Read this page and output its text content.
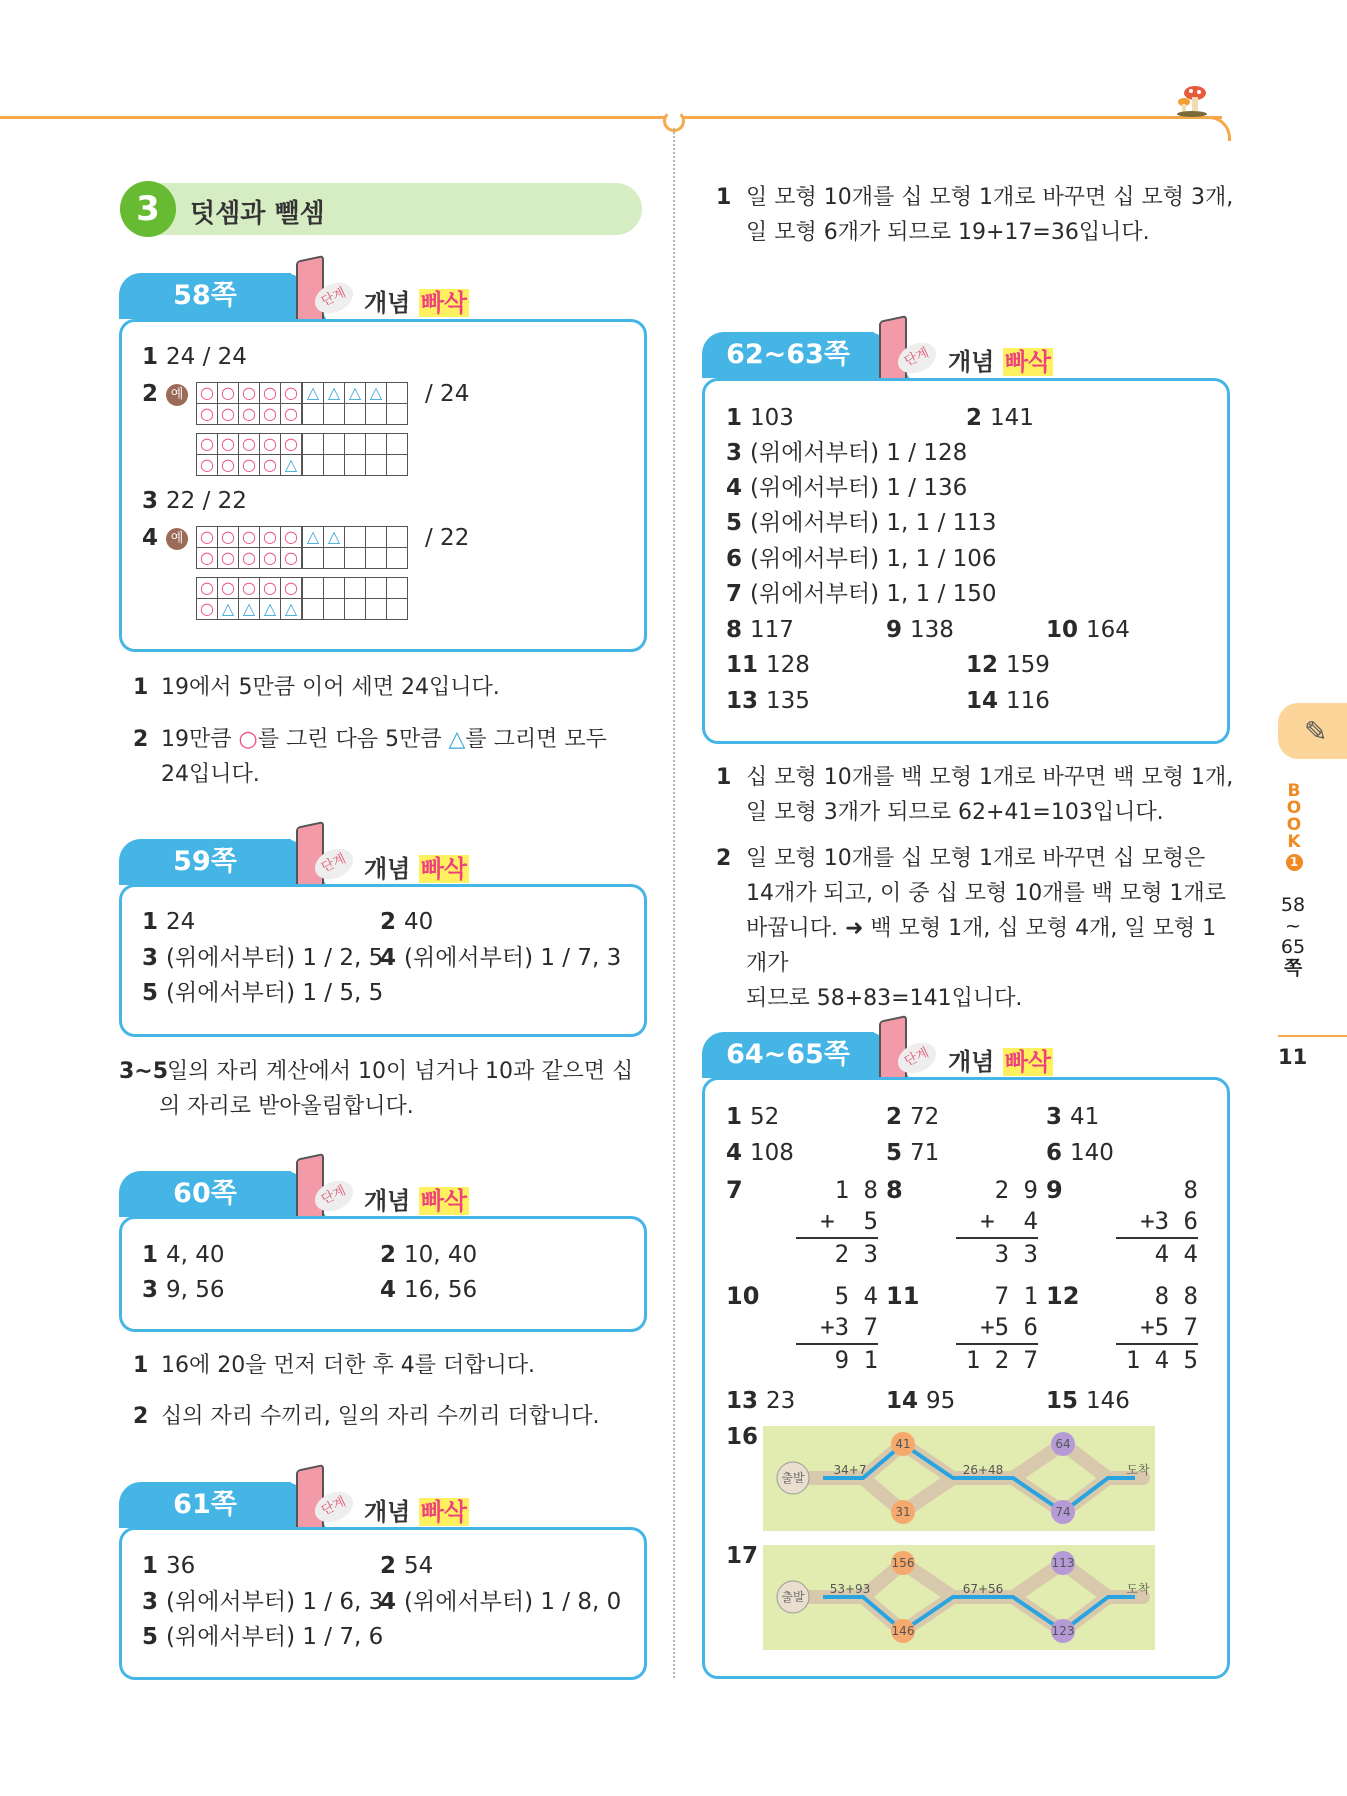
3	덧셈과 뺄셈
58쪽	단계 개념 빠삭
1 24 / 24
2 예 ○	○	○	○	○	△	△	△	△	
○	○	○	○	○					
/ 24
○	○	○	○	○					
○	○	○	○	△					
3 22 / 22
4 예 ○	○	○	○	○	△	△			
○	○	○	○	○					
/ 22
○	○	○	○	○					
○	△	△	△	△					
1 19에서 5만큼 이어 세면 24입니다.
2 19만큼 ○를 그린 다음 5만큼 △를 그리면 모두
24입니다.
59쪽	단계 개념 빠삭
1 24	2 40
3 (위에서부터) 1 / 2, 5
4 (위에서부터) 1 / 7, 3
5 (위에서부터) 1 / 5, 5
3~5
일의 자리 계산에서 10이 넘거나 10과 같으면 십
의 자리로 받아올림합니다.
60쪽	단계 개념 빠삭
1 4, 40	2 10, 40
3 9, 56	4 16, 56
1 16에 20을 먼저 더한 후 4를 더합니다.
2 십의 자리 수끼리, 일의 자리 수끼리 더합니다.
61쪽	단계 개념 빠삭
1 36	2 54
3 (위에서부터) 1 / 6, 3
4 (위에서부터) 1 / 8, 0
5 (위에서부터) 1 / 7, 6
1 일 모형 10개를 십 모형 1개로 바꾸면 십 모형 3개,
일 모형 6개가 되므로 19+17=36입니다.
62~63쪽	단계 개념 빠삭
1 103	2 141
3 (위에서부터) 1 / 128
4 (위에서부터) 1 / 136
5 (위에서부터) 1, 1 / 113
6 (위에서부터) 1, 1 / 106
7 (위에서부터) 1, 1 / 150
8 117	9 138	10 164
11 128	12 159
13 135	14 116
1 십 모형 10개를 백 모형 1개로 바꾸면 백 모형 1개,
일 모형 3개가 되므로 62+41=103입니다.
2 일 모형 10개를 십 모형 1개로 바꾸면 십 모형은
14개가 되고, 이 중 십 모형 10개를 백 모형 1개로
바꿉니다. ➜ 백 모형 1개, 십 모형 4개, 일 모형 1개가
되므로 58+83=141입니다.
64~65쪽	단계 개념 빠삭
1 52	2 72	3 41
4 108	5 71	6 140
7	1 8
+  5
2 3
8	2 9
+  4
3 3
9	8
+3 6
4 4
10	5 4
+3 7
9 1
11	7 1
+5 6
1 2 7
12	8 8
+5 7
1 4 5
13 23	14 95	15 146
16
출발
34+7	26+48	도착
41
31
64
74
17
출발
53+93	67+56	도착
156
146
113
123
✎
B
O
O
K
1
58
~
65
쪽
11
